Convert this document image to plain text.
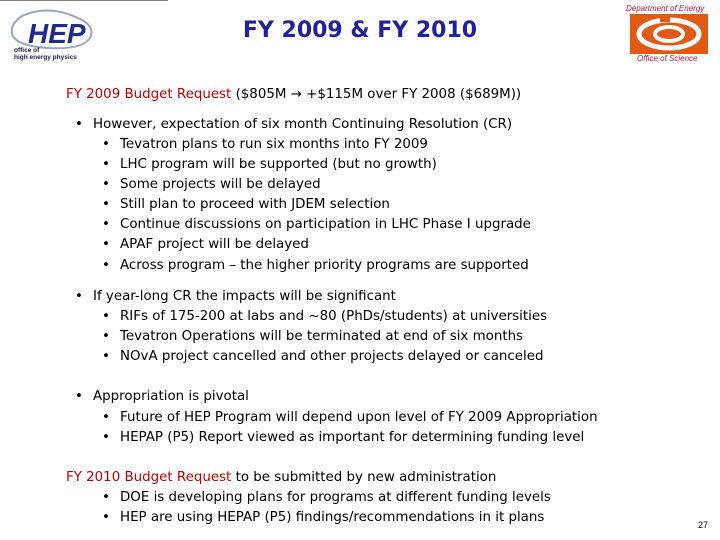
HEP
office of
high energy physics
FY 2009 & FY 2010
Department of Energy
Office of Science
FY 2009 Budget Request ($805M → +$115M over FY 2008 ($689M))
• However, expectation of six month Continuing Resolution (CR)
• Tevatron plans to run six months into FY 2009
• LHC program will be supported (but no growth)
• Some projects will be delayed
• Still plan to proceed with JDEM selection
• Continue discussions on participation in LHC Phase I upgrade
• APAF project will be delayed
• Across program – the higher priority programs are supported
• If year-long CR the impacts will be significant
• RIFs of 175-200 at labs and ~80 (PhDs/students) at universities
• Tevatron Operations will be terminated at end of six months
• NOvA project cancelled and other projects delayed or canceled
• Appropriation is pivotal
• Future of HEP Program will depend upon level of FY 2009 Appropriation
• HEPAP (P5) Report viewed as important for determining funding level
FY 2010 Budget Request to be submitted by new administration
• DOE is developing plans for programs at different funding levels
• HEP are using HEPAP (P5) findings/recommendations in it plans	27
